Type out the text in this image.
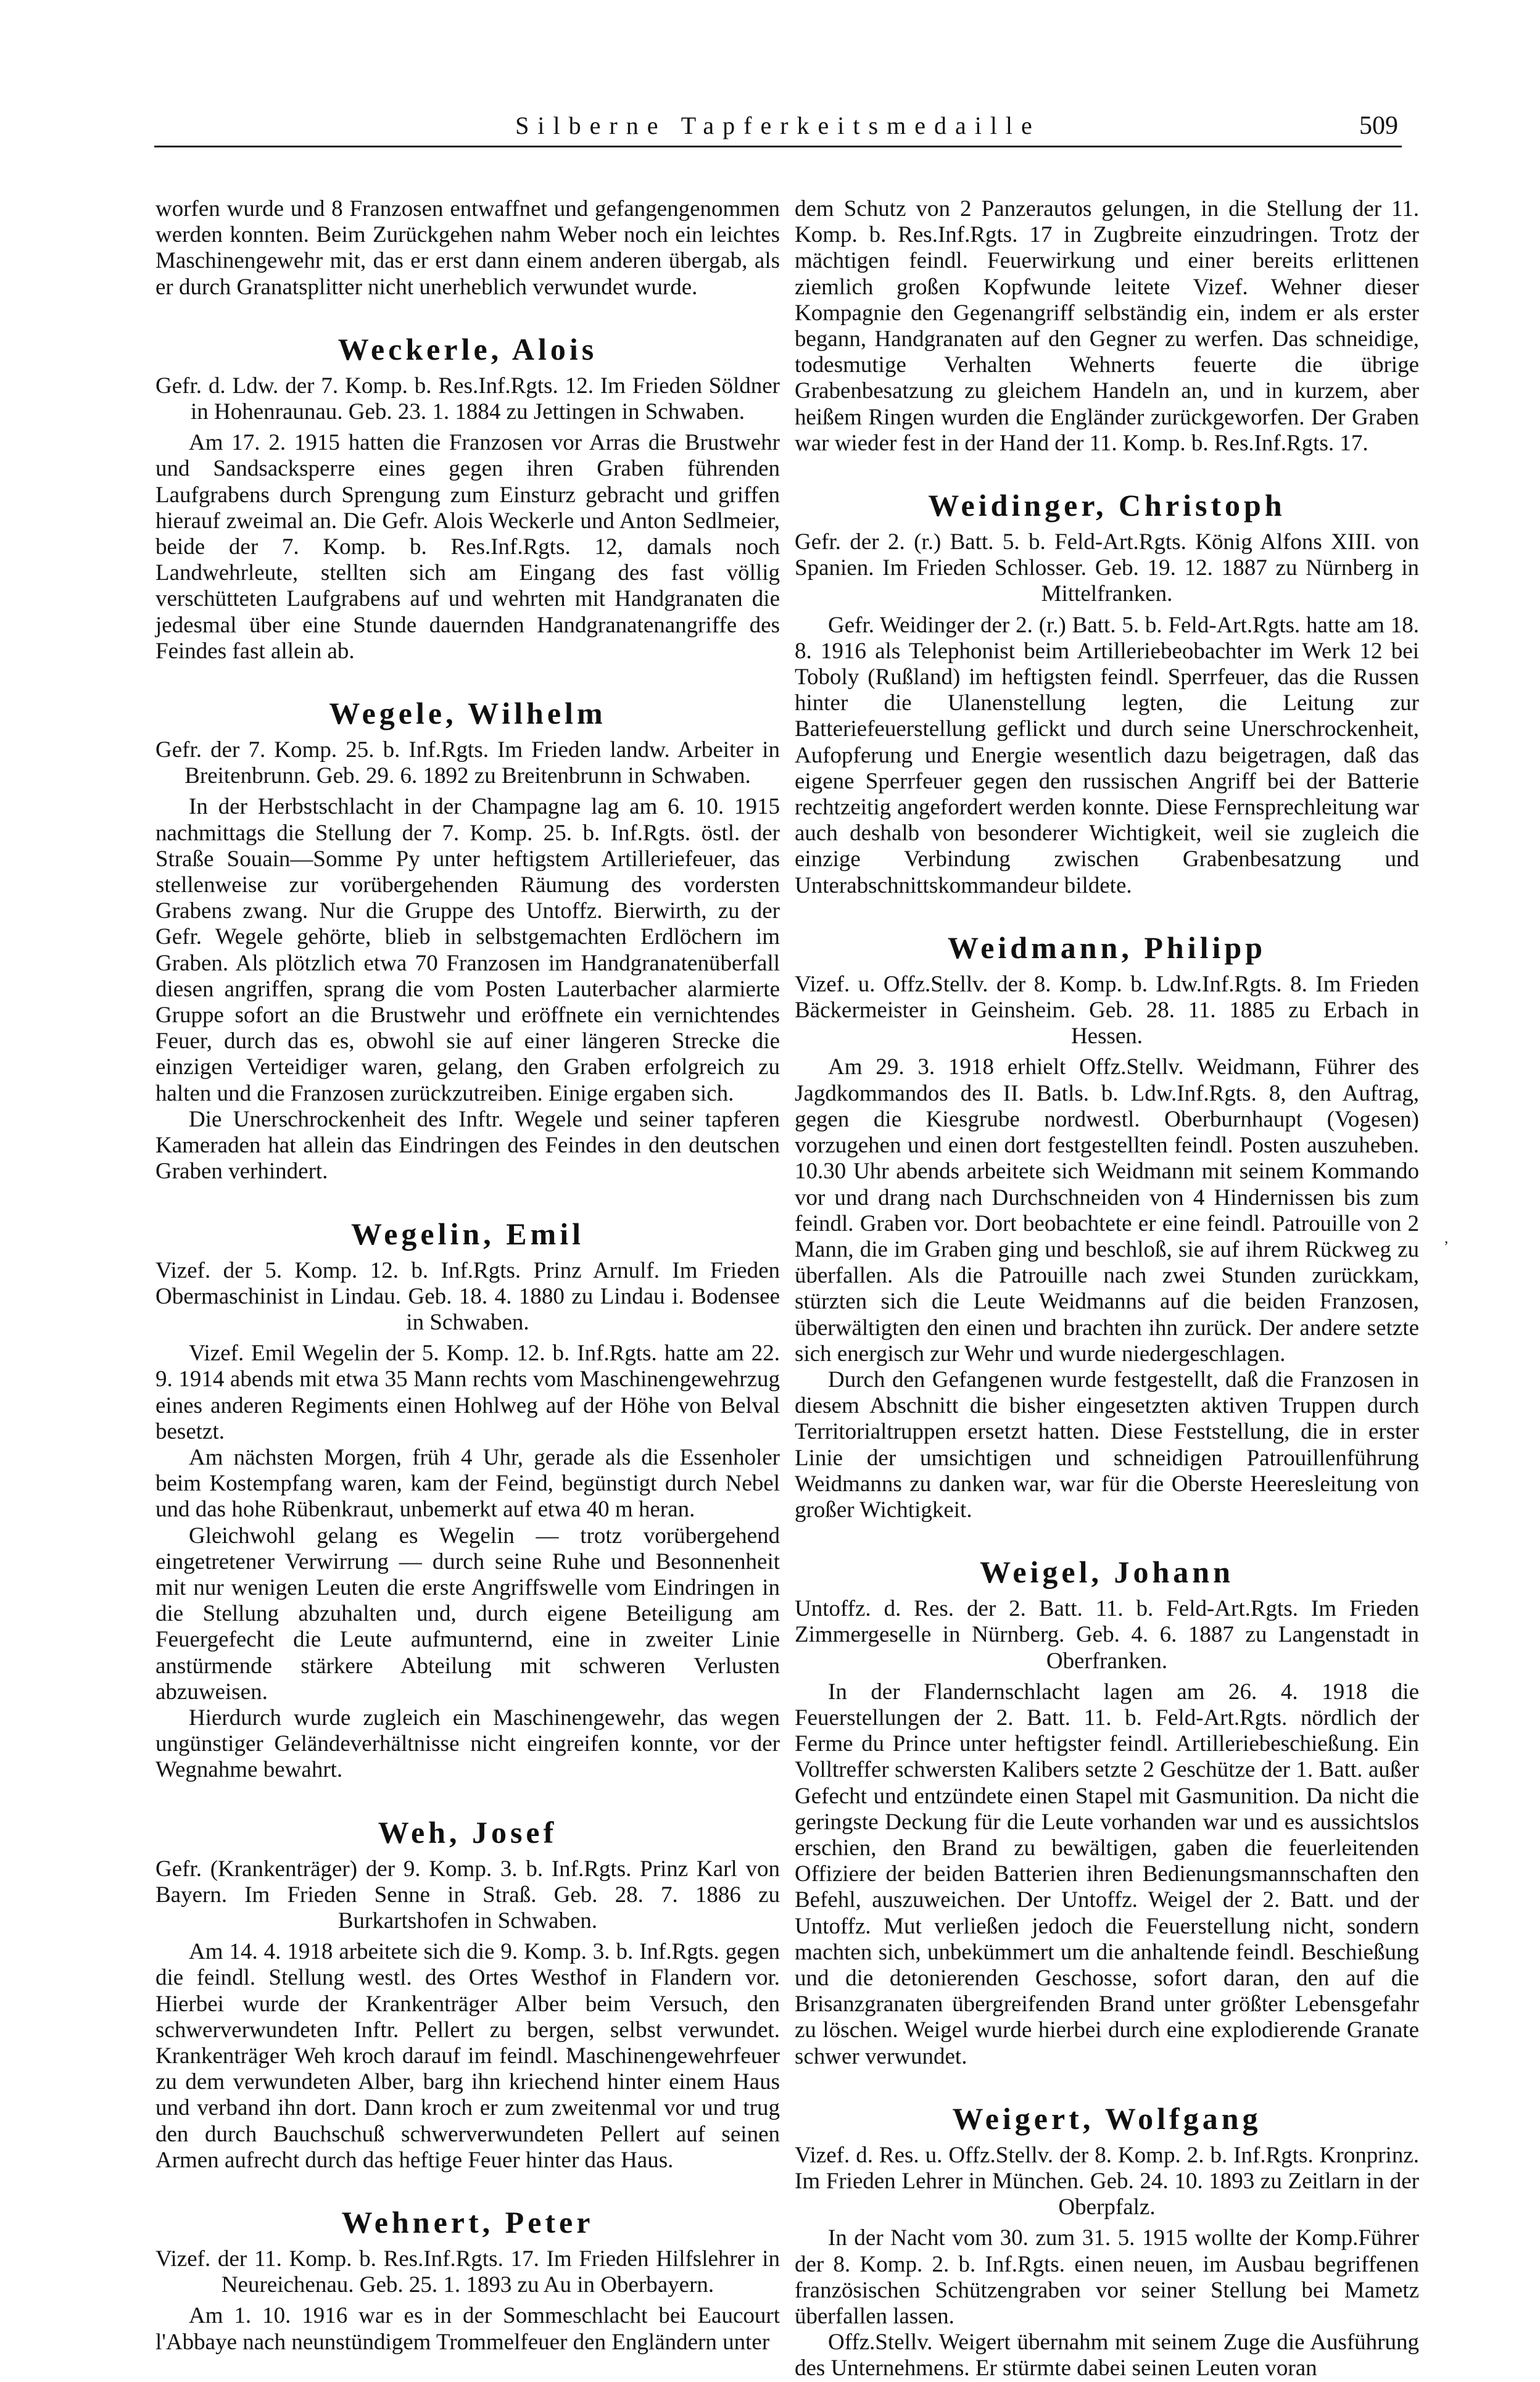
Silberne Tapferkeitsmedaille	509

worfen wurde und 8 Franzosen entwaffnet und gefangengenommen werden konnten. Beim Zurückgehen nahm Weber noch ein leichtes Maschinengewehr mit, das er erst dann einem anderen übergab, als er durch Granatsplitter nicht unerheblich verwundet wurde.

Weckerle, Alois

Gefr. d. Ldw. der 7. Komp. b. Res.Inf.Rgts. 12. Im Frieden Söldner in Hohenraunau. Geb. 23. 1. 1884 zu Jettingen in Schwaben.

Am 17. 2. 1915 hatten die Franzosen vor Arras die Brustwehr und Sandsacksperre eines gegen ihren Graben führenden Laufgrabens durch Sprengung zum Einsturz gebracht und griffen hierauf zweimal an. Die Gefr. Alois Weckerle und Anton Sedlmeier, beide der 7. Komp. b. Res.Inf.Rgts. 12, damals noch Landwehrleute, stellten sich am Eingang des fast völlig verschütteten Laufgrabens auf und wehrten mit Handgranaten die jedesmal über eine Stunde dauernden Handgranatenangriffe des Feindes fast allein ab.

Wegele, Wilhelm

Gefr. der 7. Komp. 25. b. Inf.Rgts. Im Frieden landw. Arbeiter in Breitenbrunn. Geb. 29. 6. 1892 zu Breitenbrunn in Schwaben.

In der Herbstschlacht in der Champagne lag am 6. 10. 1915 nachmittags die Stellung der 7. Komp. 25. b. Inf.Rgts. östl. der Straße Souain—Somme Py unter heftigstem Artilleriefeuer, das stellenweise zur vorübergehenden Räumung des vordersten Grabens zwang. Nur die Gruppe des Untoffz. Bierwirth, zu der Gefr. Wegele gehörte, blieb in selbstgemachten Erdlöchern im Graben. Als plötzlich etwa 70 Franzosen im Handgranatenüberfall diesen angriffen, sprang die vom Posten Lauterbacher alarmierte Gruppe sofort an die Brustwehr und eröffnete ein vernichtendes Feuer, durch das es, obwohl sie auf einer längeren Strecke die einzigen Verteidiger waren, gelang, den Graben erfolgreich zu halten und die Franzosen zurückzutreiben. Einige ergaben sich.

Die Unerschrockenheit des Inftr. Wegele und seiner tapferen Kameraden hat allein das Eindringen des Feindes in den deutschen Graben verhindert.

Wegelin, Emil

Vizef. der 5. Komp. 12. b. Inf.Rgts. Prinz Arnulf. Im Frieden Obermaschinist in Lindau. Geb. 18. 4. 1880 zu Lindau i. Bodensee in Schwaben.

Vizef. Emil Wegelin der 5. Komp. 12. b. Inf.Rgts. hatte am 22. 9. 1914 abends mit etwa 35 Mann rechts vom Maschinengewehrzug eines anderen Regiments einen Hohlweg auf der Höhe von Belval besetzt.

Am nächsten Morgen, früh 4 Uhr, gerade als die Essenholer beim Kostempfang waren, kam der Feind, begünstigt durch Nebel und das hohe Rübenkraut, unbemerkt auf etwa 40 m heran.

Gleichwohl gelang es Wegelin — trotz vorübergehend eingetretener Verwirrung — durch seine Ruhe und Besonnenheit mit nur wenigen Leuten die erste Angriffswelle vom Eindringen in die Stellung abzuhalten und, durch eigene Beteiligung am Feuergefecht die Leute aufmunternd, eine in zweiter Linie anstürmende stärkere Abteilung mit schweren Verlusten abzuweisen.

Hierdurch wurde zugleich ein Maschinengewehr, das wegen ungünstiger Geländeverhältnisse nicht eingreifen konnte, vor der Wegnahme bewahrt.

Weh, Josef

Gefr. (Krankenträger) der 9. Komp. 3. b. Inf.Rgts. Prinz Karl von Bayern. Im Frieden Senne in Straß. Geb. 28. 7. 1886 zu Burkartshofen in Schwaben.

Am 14. 4. 1918 arbeitete sich die 9. Komp. 3. b. Inf.Rgts. gegen die feindl. Stellung westl. des Ortes Westhof in Flandern vor. Hierbei wurde der Krankenträger Alber beim Versuch, den schwerverwundeten Inftr. Pellert zu bergen, selbst verwundet. Krankenträger Weh kroch darauf im feindl. Maschinengewehrfeuer zu dem verwundeten Alber, barg ihn kriechend hinter einem Haus und verband ihn dort. Dann kroch er zum zweitenmal vor und trug den durch Bauchschuß schwerverwundeten Pellert auf seinen Armen aufrecht durch das heftige Feuer hinter das Haus.

Wehnert, Peter

Vizef. der 11. Komp. b. Res.Inf.Rgts. 17. Im Frieden Hilfslehrer in Neureichenau. Geb. 25. 1. 1893 zu Au in Oberbayern.

Am 1. 10. 1916 war es in der Sommeschlacht bei Eaucourt l'Abbaye nach neunstündigem Trommelfeuer den Engländern unter

dem Schutz von 2 Panzerautos gelungen, in die Stellung der 11. Komp. b. Res.Inf.Rgts. 17 in Zugbreite einzudringen. Trotz der mächtigen feindl. Feuerwirkung und einer bereits erlittenen ziemlich großen Kopfwunde leitete Vizef. Wehner dieser Kompagnie den Gegenangriff selbständig ein, indem er als erster begann, Handgranaten auf den Gegner zu werfen. Das schneidige, todesmutige Verhalten Wehnerts feuerte die übrige Grabenbesatzung zu gleichem Handeln an, und in kurzem, aber heißem Ringen wurden die Engländer zurückgeworfen. Der Graben war wieder fest in der Hand der 11. Komp. b. Res.Inf.Rgts. 17.

Weidinger, Christoph

Gefr. der 2. (r.) Batt. 5. b. Feld-Art.Rgts. König Alfons XIII. von Spanien. Im Frieden Schlosser. Geb. 19. 12. 1887 zu Nürnberg in Mittelfranken.

Gefr. Weidinger der 2. (r.) Batt. 5. b. Feld-Art.Rgts. hatte am 18. 8. 1916 als Telephonist beim Artilleriebeobachter im Werk 12 bei Toboly (Rußland) im heftigsten feindl. Sperrfeuer, das die Russen hinter die Ulanenstellung legten, die Leitung zur Batteriefeuerstellung geflickt und durch seine Unerschrockenheit, Aufopferung und Energie wesentlich dazu beigetragen, daß das eigene Sperrfeuer gegen den russischen Angriff bei der Batterie rechtzeitig angefordert werden konnte. Diese Fernsprechleitung war auch deshalb von besonderer Wichtigkeit, weil sie zugleich die einzige Verbindung zwischen Grabenbesatzung und Unterabschnittskommandeur bildete.

Weidmann, Philipp

Vizef. u. Offz.Stellv. der 8. Komp. b. Ldw.Inf.Rgts. 8. Im Frieden Bäckermeister in Geinsheim. Geb. 28. 11. 1885 zu Erbach in Hessen.

Am 29. 3. 1918 erhielt Offz.Stellv. Weidmann, Führer des Jagdkommandos des II. Batls. b. Ldw.Inf.Rgts. 8, den Auftrag, gegen die Kiesgrube nordwestl. Oberburnhaupt (Vogesen) vorzugehen und einen dort festgestellten feindl. Posten auszuheben. 10.30 Uhr abends arbeitete sich Weidmann mit seinem Kommando vor und drang nach Durchschneiden von 4 Hindernissen bis zum feindl. Graben vor. Dort beobachtete er eine feindl. Patrouille von 2 Mann, die im Graben ging und beschloß, sie auf ihrem Rückweg zu überfallen. Als die Patrouille nach zwei Stunden zurückkam, stürzten sich die Leute Weidmanns auf die beiden Franzosen, überwältigten den einen und brachten ihn zurück. Der andere setzte sich energisch zur Wehr und wurde niedergeschlagen.

Durch den Gefangenen wurde festgestellt, daß die Franzosen in diesem Abschnitt die bisher eingesetzten aktiven Truppen durch Territorialtruppen ersetzt hatten. Diese Feststellung, die in erster Linie der umsichtigen und schneidigen Patrouillenführung Weidmanns zu danken war, war für die Oberste Heeresleitung von großer Wichtigkeit.

Weigel, Johann

Untoffz. d. Res. der 2. Batt. 11. b. Feld-Art.Rgts. Im Frieden Zimmergeselle in Nürnberg. Geb. 4. 6. 1887 zu Langenstadt in Oberfranken.

In der Flandernschlacht lagen am 26. 4. 1918 die Feuerstellungen der 2. Batt. 11. b. Feld-Art.Rgts. nördlich der Ferme du Prince unter heftigster feindl. Artilleriebeschießung. Ein Volltreffer schwersten Kalibers setzte 2 Geschütze der 1. Batt. außer Gefecht und entzündete einen Stapel mit Gasmunition. Da nicht die geringste Deckung für die Leute vorhanden war und es aussichtslos erschien, den Brand zu bewältigen, gaben die feuerleitenden Offiziere der beiden Batterien ihren Bedienungsmannschaften den Befehl, auszuweichen. Der Untoffz. Weigel der 2. Batt. und der Untoffz. Mut verließen jedoch die Feuerstellung nicht, sondern machten sich, unbekümmert um die anhaltende feindl. Beschießung und die detonierenden Geschosse, sofort daran, den auf die Brisanzgranaten übergreifenden Brand unter größter Lebensgefahr zu löschen. Weigel wurde hierbei durch eine explodierende Granate schwer verwundet.

Weigert, Wolfgang

Vizef. d. Res. u. Offz.Stellv. der 8. Komp. 2. b. Inf.Rgts. Kronprinz. Im Frieden Lehrer in München. Geb. 24. 10. 1893 zu Zeitlarn in der Oberpfalz.

In der Nacht vom 30. zum 31. 5. 1915 wollte der Komp.Führer der 8. Komp. 2. b. Inf.Rgts. einen neuen, im Ausbau begriffenen französischen Schützengraben vor seiner Stellung bei Mametz überfallen lassen.

Offz.Stellv. Weigert übernahm mit seinem Zuge die Ausführung des Unternehmens. Er stürmte dabei seinen Leuten voran

’
